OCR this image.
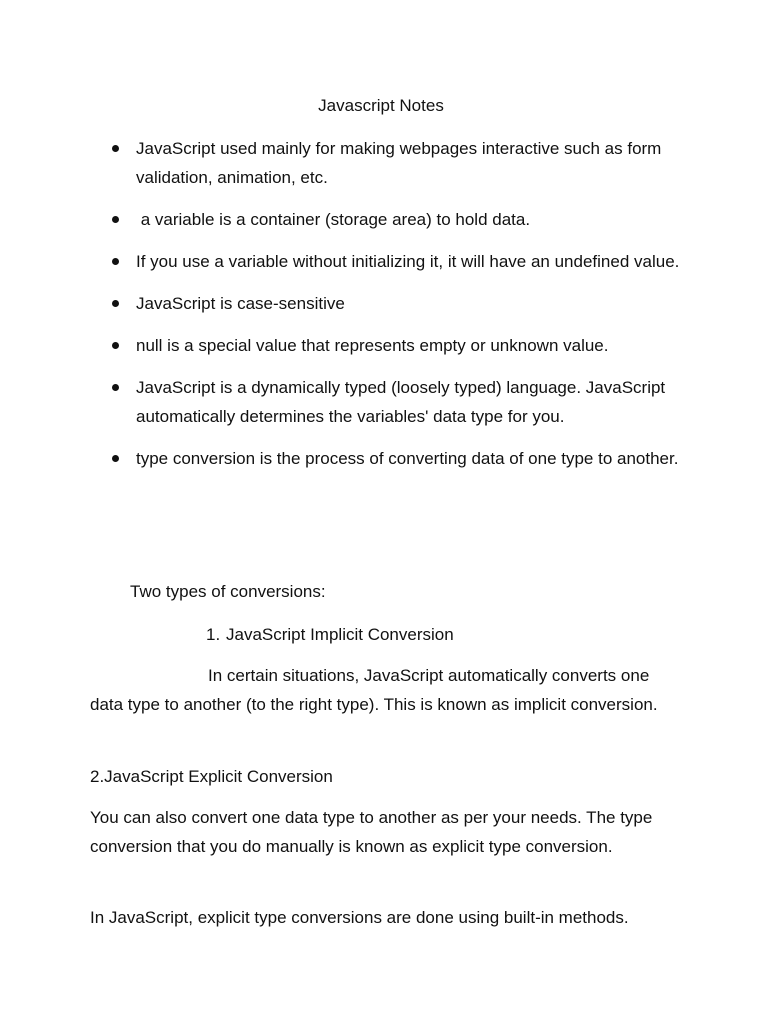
Javascript Notes
JavaScript used mainly for making webpages interactive such as form validation, animation, etc.
a variable is a container (storage area) to hold data.
If you use a variable without initializing it, it will have an undefined value.
JavaScript is case-sensitive
null is a special value that represents empty or unknown value.
JavaScript is a dynamically typed (loosely typed) language. JavaScript automatically determines the variables' data type for you.
type conversion is the process of converting data of one type to another.

Two types of conversions:

1. JavaScript Implicit Conversion

In certain situations, JavaScript automatically converts one data type to another (to the right type). This is known as implicit conversion.

2.JavaScript Explicit Conversion

You can also convert one data type to another as per your needs. The type conversion that you do manually is known as explicit type conversion.

In JavaScript, explicit type conversions are done using built-in methods.
